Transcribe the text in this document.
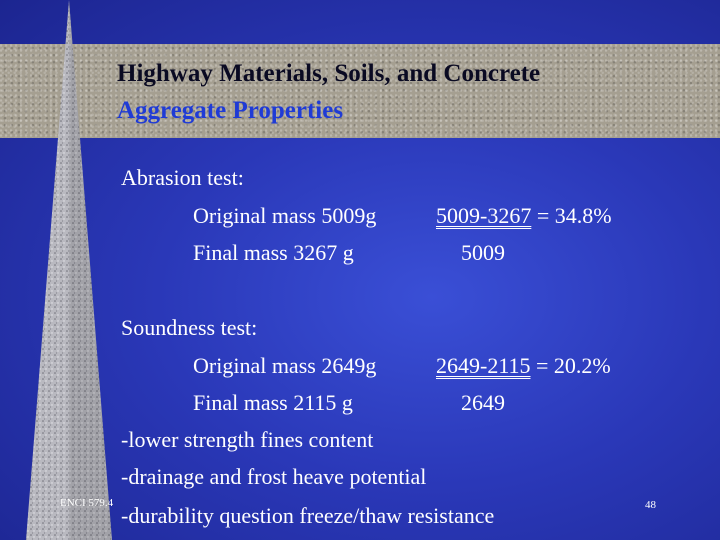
Highway Materials, Soils, and Concrete
Aggregate Properties
Abrasion test:
Original mass 5009g
Final mass 3267 g
5009-3267 = 34.8%
5009
Soundness test:
Original mass 2649g
Final mass 2115 g
2649-2115 = 20.2%
2649
-lower strength fines content
-drainage and frost heave potential
-durability question freeze/thaw resistance
ENCI 579.4	48
